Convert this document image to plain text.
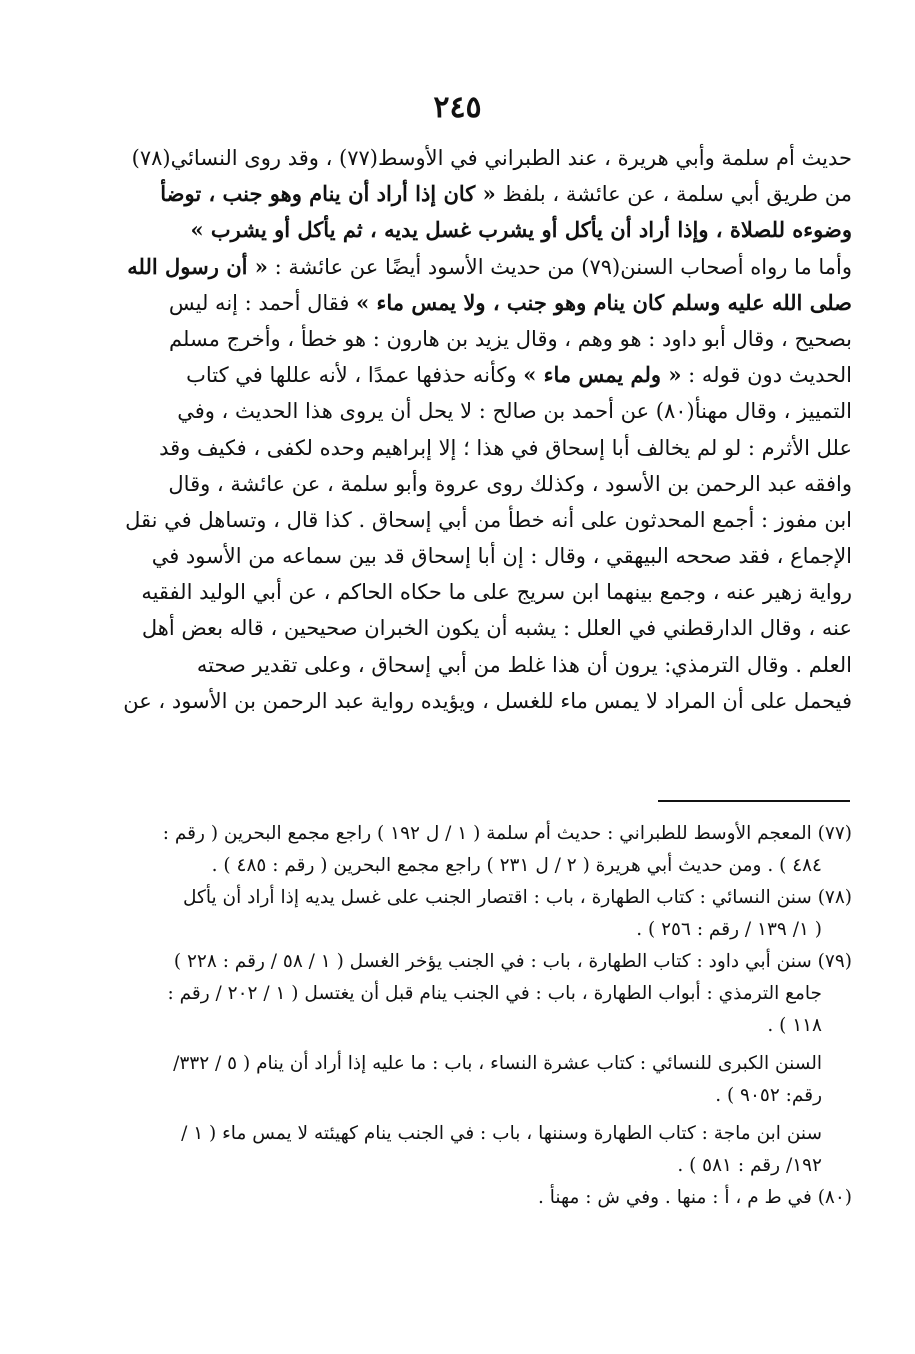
٢٤٥
حديث أم سلمة وأبي هريرة ، عند الطبراني في الأوسط(٧٧) ، وقد روى النسائي(٧٨)
من طريق أبي سلمة ، عن عائشة ، بلفظ « كان إذا أراد أن ينام وهو جنب ، توضأ
وضوءه للصلاة ، وإذا أراد أن يأكل أو يشرب غسل يديه ، ثم يأكل أو يشرب »
وأما ما رواه أصحاب السنن(٧٩) من حديث الأسود أيضًا عن عائشة : « أن رسول الله
صلى الله عليه وسلم كان ينام وهو جنب ، ولا يمس ماء » فقال أحمد : إنه ليس
بصحيح ، وقال أبو داود : هو وهم ، وقال يزيد بن هارون : هو خطأ ، وأخرج مسلم
الحديث دون قوله : « ولم يمس ماء » وكأنه حذفها عمدًا ، لأنه عللها في كتاب
التمييز ، وقال مهنأ(٨٠) عن أحمد بن صالح : لا يحل أن يروى هذا الحديث ، وفي
علل الأثرم : لو لم يخالف أبا إسحاق في هذا ؛ إلا إبراهيم وحده لكفى ، فكيف وقد
وافقه عبد الرحمن بن الأسود ، وكذلك روى عروة وأبو سلمة ، عن عائشة ، وقال
ابن مفوز : أجمع المحدثون على أنه خطأ من أبي إسحاق . كذا قال ، وتساهل في نقل
الإجماع ، فقد صححه البيهقي ، وقال : إن أبا إسحاق قد بين سماعه من الأسود في
رواية زهير عنه ، وجمع بينهما ابن سريج على ما حكاه الحاكم ، عن أبي الوليد الفقيه
عنه ، وقال الدارقطني في العلل : يشبه أن يكون الخبران صحيحين ، قاله بعض أهل
العلم . وقال الترمذي: يرون أن هذا غلط من أبي إسحاق ، وعلى تقدير صحته
فيحمل على أن المراد لا يمس ماء للغسل ، ويؤيده رواية عبد الرحمن بن الأسود ، عن
(٧٧) المعجم الأوسط للطبراني : حديث أم سلمة ( ١ / ل ١٩٢ ) راجع مجمع البحرين ( رقم :
٤٨٤ ) . ومن حديث أبي هريرة ( ٢ / ل ٢٣١ ) راجع مجمع البحرين ( رقم : ٤٨٥ ) .
(٧٨) سنن النسائي : كتاب الطهارة ، باب : اقتصار الجنب على غسل يديه إذا أراد أن يأكل
( ١/ ١٣٩ / رقم : ٢٥٦ ) .
(٧٩) سنن أبي داود : كتاب الطهارة ، باب : في الجنب يؤخر الغسل ( ١ / ٥٨ / رقم : ٢٢٨ )
جامع الترمذي : أبواب الطهارة ، باب : في الجنب ينام قبل أن يغتسل ( ١ / ٢٠٢ / رقم :
١١٨ ) .
السنن الكبرى للنسائي : كتاب عشرة النساء ، باب : ما عليه إذا أراد أن ينام ( ٥ / ٣٣٢/
رقم: ٩٠٥٢ ) .
سنن ابن ماجة : كتاب الطهارة وسننها ، باب : في الجنب ينام كهيئته لا يمس ماء ( ١ /
١٩٢/ رقم : ٥٨١ ) .
(٨٠) في ط م ، أ : منها . وفي ش : مهنأ .
